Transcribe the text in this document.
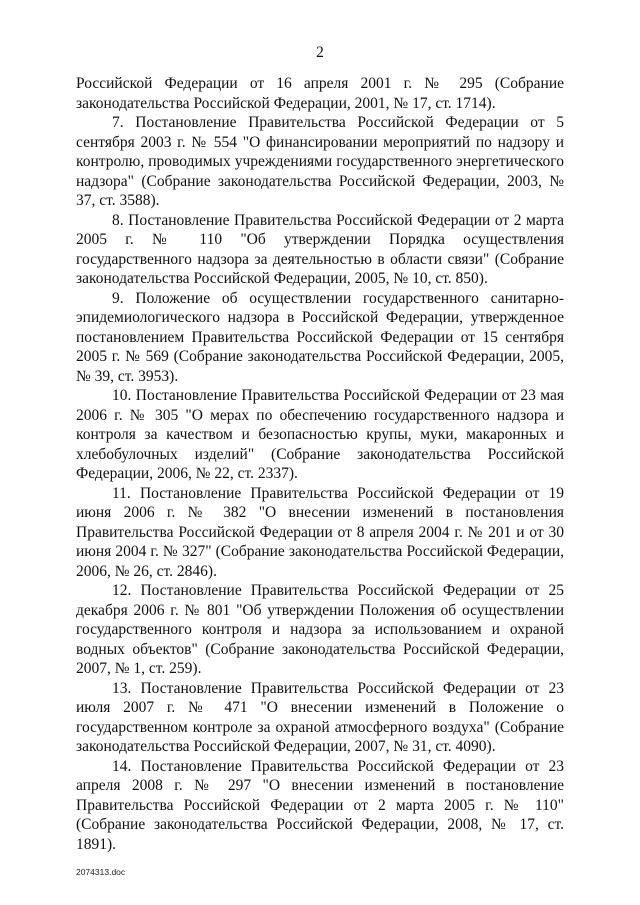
2

Российской Федерации от 16 апреля 2001 г. № 295 (Собрание законодательства Российской Федерации, 2001, № 17, ст. 1714).

7. Постановление Правительства Российской Федерации от 5 сентября 2003 г. № 554 "О финансировании мероприятий по надзору и контролю, проводимых учреждениями государственного энергетического надзора" (Собрание законодательства Российской Федерации, 2003, № 37, ст. 3588).

8. Постановление Правительства Российской Федерации от 2 марта 2005 г. № 110 "Об утверждении Порядка осуществления государственного надзора за деятельностью в области связи" (Собрание законодательства Российской Федерации, 2005, № 10, ст. 850).

9. Положение об осуществлении государственного санитарно-эпидемиологического надзора в Российской Федерации, утвержденное постановлением Правительства Российской Федерации от 15 сентября 2005 г. № 569 (Собрание законодательства Российской Федерации, 2005, № 39, ст. 3953).

10. Постановление Правительства Российской Федерации от 23 мая 2006 г. № 305 "О мерах по обеспечению государственного надзора и контроля за качеством и безопасностью крупы, муки, макаронных и хлебобулочных изделий" (Собрание законодательства Российской Федерации, 2006, № 22, ст. 2337).

11. Постановление Правительства Российской Федерации от 19 июня 2006 г. № 382 "О внесении изменений в постановления Правительства Российской Федерации от 8 апреля 2004 г. № 201 и от 30 июня 2004 г. № 327" (Собрание законодательства Российской Федерации, 2006, № 26, ст. 2846).

12. Постановление Правительства Российской Федерации от 25 декабря 2006 г. № 801 "Об утверждении Положения об осуществлении государственного контроля и надзора за использованием и охраной водных объектов" (Собрание законодательства Российской Федерации, 2007, № 1, ст. 259).

13. Постановление Правительства Российской Федерации от 23 июля 2007 г. № 471 "О внесении изменений в Положение о государственном контроле за охраной атмосферного воздуха" (Собрание законодательства Российской Федерации, 2007, № 31, ст. 4090).

14. Постановление Правительства Российской Федерации от 23 апреля 2008 г. № 297 "О внесении изменений в постановление Правительства Российской Федерации от 2 марта 2005 г. № 110" (Собрание законодательства Российской Федерации, 2008, № 17, ст. 1891).

2074313.doc
